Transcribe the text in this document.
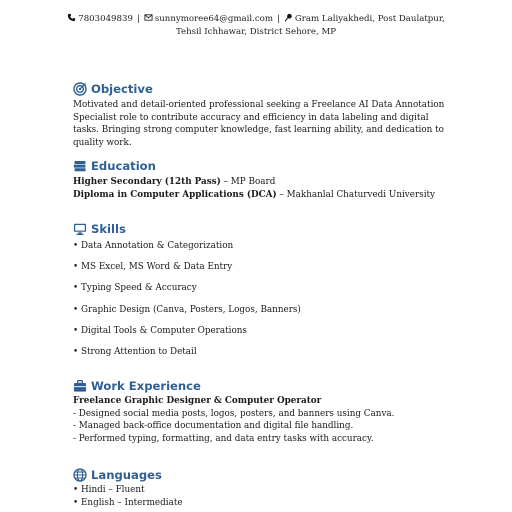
7803049839 | sunnymoree64@gmail.com | Gram Laliyakhedi, Post Daulatpur, Tehsil Ichhawar, District Sehore, MP
Objective
Motivated and detail-oriented professional seeking a Freelance AI Data Annotation Specialist role to contribute accuracy and efficiency in data labeling and digital tasks. Bringing strong computer knowledge, fast learning ability, and dedication to quality work.
Education
Higher Secondary (12th Pass) – MP Board
Diploma in Computer Applications (DCA) – Makhanlal Chaturvedi University
Skills
• Data Annotation & Categorization
• MS Excel, MS Word & Data Entry
• Typing Speed & Accuracy
• Graphic Design (Canva, Posters, Logos, Banners)
• Digital Tools & Computer Operations
• Strong Attention to Detail
Work Experience
Freelance Graphic Designer & Computer Operator
- Designed social media posts, logos, posters, and banners using Canva.
- Managed back-office documentation and digital file handling.
- Performed typing, formatting, and data entry tasks with accuracy.
Languages
• Hindi – Fluent
• English – Intermediate
